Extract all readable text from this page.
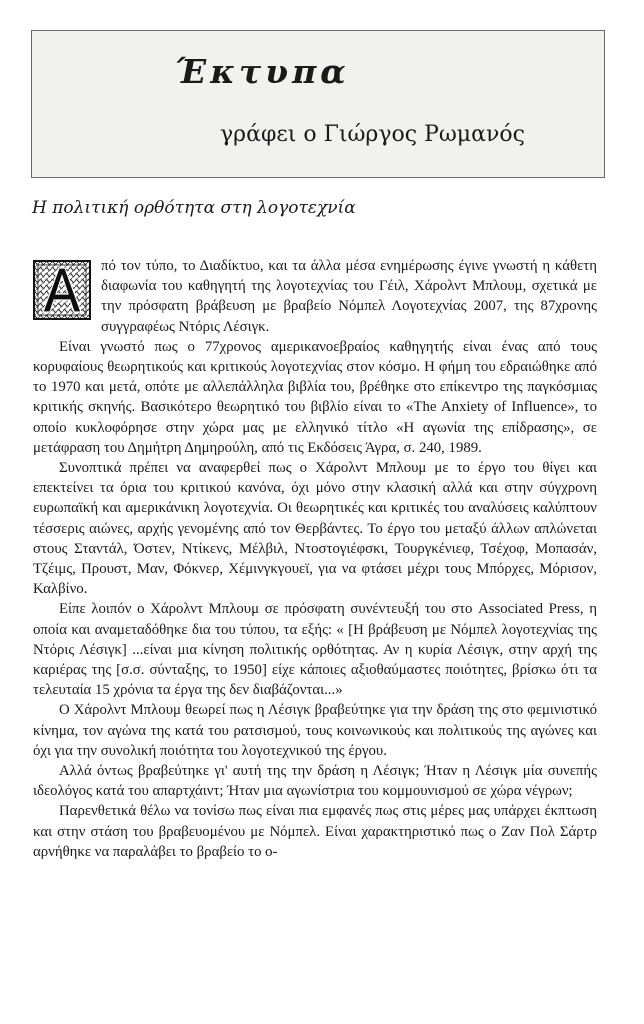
Έκτυπα
γράφει ο Γιώργος Ρωμανός
Η πολιτική ορθότητα στη λογοτεχνία

πό τον τύπο, το Διαδίκτυο, και τα άλλα μέσα ενημέρωσης έγινε γνωστή η κάθετη διαφωνία του καθηγητή της λογοτεχνίας του Γέιλ, Χάρολντ Μπλουμ, σχετικά με την πρόσφατη βράβευση με βραβείο Νόμπελ Λογοτεχνίας 2007, της 87χρονης συγγραφέως Ντόρις Λέσιγκ.

Είναι γνωστό πως ο 77χρονος αμερικανοεβραίος καθηγητής είναι ένας από τους κορυφαίους θεωρητικούς και κριτικούς λογοτεχνίας στον κόσμο. Η φήμη του εδραιώθηκε από το 1970 και μετά, οπότε με αλλεπάλληλα βιβλία του, βρέθηκε στο επίκεντρο της παγκόσμιας κριτικής σκηνής. Βασικότερο θεωρητικό του βιβλίο είναι το «The Anxiety of Influence», το οποίο κυκλοφόρησε στην χώρα μας με ελληνικό τίτλο «Η αγωνία της επίδρασης», σε μετάφραση του Δημήτρη Δημηρούλη, από τις Εκδόσεις Άγρα, σ. 240, 1989.

Συνοπτικά πρέπει να αναφερθεί πως ο Χάρολντ Μπλουμ με το έργο του θίγει και επεκτείνει τα όρια του κριτικού κανόνα, όχι μόνο στην κλασική αλλά και στην σύγχρονη ευρωπαϊκή και αμερικάνικη λογοτεχνία. Οι θεωρητικές και κριτικές του αναλύσεις καλύπτουν τέσσερις αιώνες, αρχής γενομένης από τον Θερβάντες. Το έργο του μεταξύ άλλων απλώνεται στους Σταντάλ, Όστεν, Ντίκενς, Μέλβιλ, Ντοστογιέφσκι, Τουργκένιεφ, Τσέχοφ, Μοπασάν, Τζέιμς, Προυστ, Μαν, Φόκνερ, Χέμινγκγουεϊ, για να φτάσει μέχρι τους Μπόρχες, Μόρισον, Καλβίνο.

Είπε λοιπόν ο Χάρολντ Μπλουμ σε πρόσφατη συνέντευξή του στο Associated Press, η οποία και αναμεταδόθηκε δια του τύπου, τα εξής: « [Η βράβευση με Νόμπελ λογοτεχνίας της Ντόρις Λέσιγκ] ...είναι μια κίνηση πολιτικής ορθότητας. Αν η κυρία Λέσιγκ, στην αρχή της καριέρας της [σ.σ. σύνταξης, το 1950] είχε κάποιες αξιοθαύμαστες ποιότητες, βρίσκω ότι τα τελευταία 15 χρόνια τα έργα της δεν διαβάζονται...»

Ο Χάρολντ Μπλουμ θεωρεί πως η Λέσιγκ βραβεύτηκε για την δράση της στο φεμινιστικό κίνημα, τον αγώνα της κατά του ρατσισμού, τους κοινωνικούς και πολιτικούς της αγώνες και όχι για την συνολική ποιότητα του λογοτεχνικού της έργου.

Αλλά όντως βραβεύτηκε γι' αυτή της την δράση η Λέσιγκ; Ήταν η Λέσιγκ μία συνεπής ιδεολόγος κατά του απαρτχάιντ; Ήταν μια αγωνίστρια του κομμουνισμού σε χώρα νέγρων;

Παρενθετικά θέλω να τονίσω πως είναι πια εμφανές πως στις μέρες μας υπάρχει έκπτωση και στην στάση του βραβευομένου με Νόμπελ. Είναι χαρακτηριστικό πως ο Ζαν Πολ Σάρτρ αρνήθηκε να παραλάβει το βραβείο το ο-
